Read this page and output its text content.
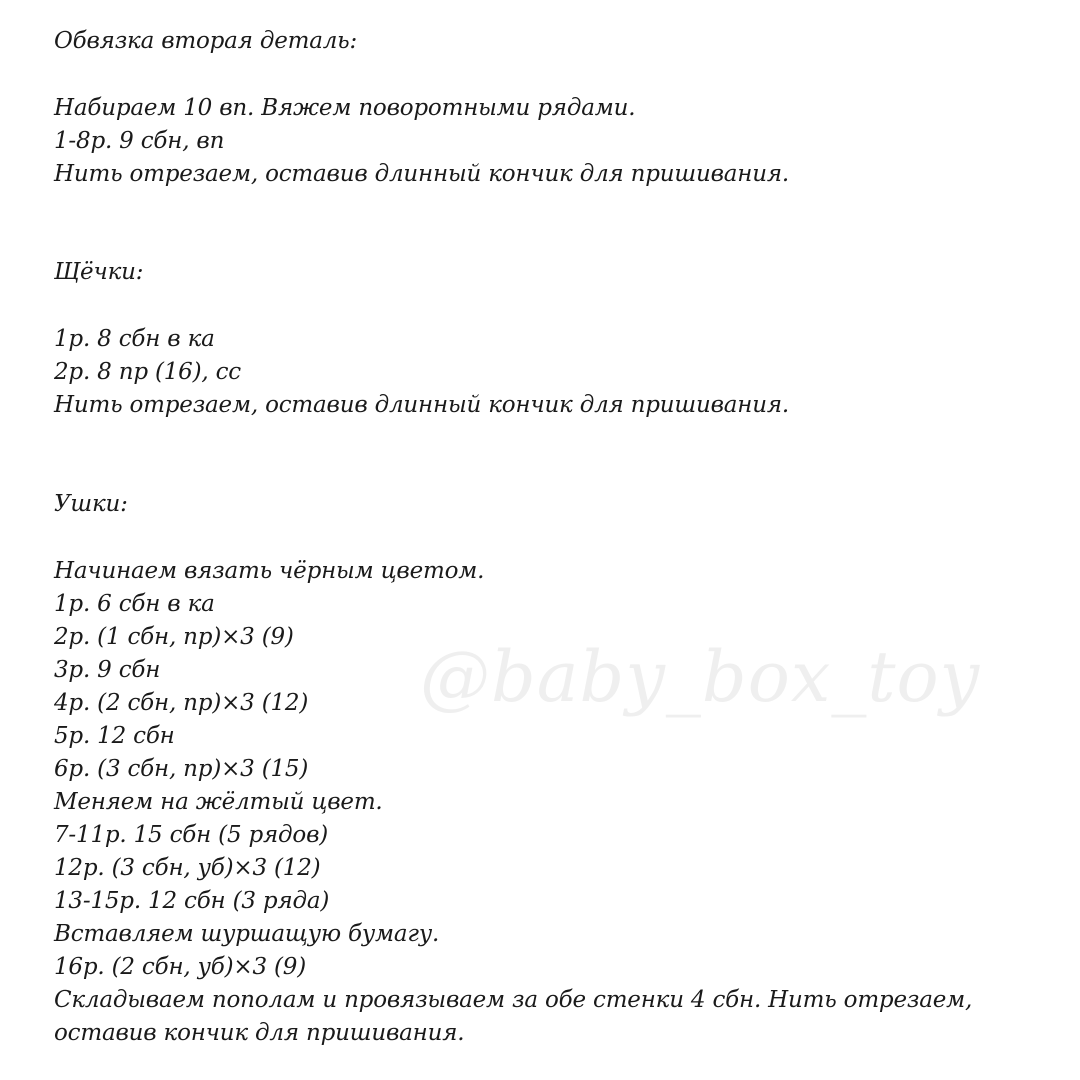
@baby_box_toy
Обвязка вторая деталь:
Набираем 10 вп. Вяжем поворотными рядами.
1-8р. 9 сбн, вп
Нить отрезаем, оставив длинный кончик для пришивания.
Щёчки:
1р. 8 сбн в ка
2р. 8 пр (16), сс
Нить отрезаем, оставив длинный кончик для пришивания.
Ушки:
Начинаем вязать чёрным цветом.
1р. 6 сбн в ка
2р. (1 сбн, пр)×3 (9)
3р. 9 сбн
4р. (2 сбн, пр)×3 (12)
5р. 12 сбн
6р. (3 сбн, пр)×3 (15)
Меняем на жёлтый цвет.
7-11р. 15 сбн (5 рядов)
12р. (3 сбн, уб)×3 (12)
13-15р. 12 сбн (3 ряда)
Вставляем шуршащую бумагу.
16р. (2 сбн, уб)×3 (9)
Складываем пополам и провязываем за обе стенки 4 сбн. Нить отрезаем,
оставив кончик для пришивания.
